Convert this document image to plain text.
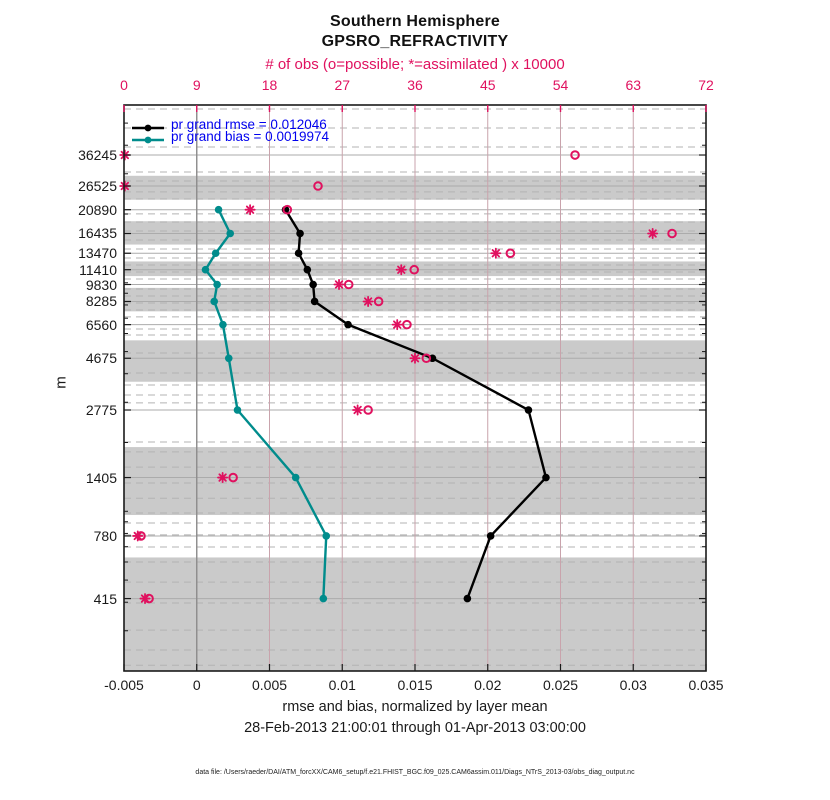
Southern Hemisphere
GPSRO_REFRACTIVITY
# of obs (o=possible; *=assimilated ) x 10000
0	9	18	27	36	45	54	63	72
-0.005	0	0.005	0.01	0.015	0.02	0.025	0.03	0.035
36245
26525
20890
16435
13470
11410
9830
8285
6560
4675
2775
1405
780
415
m
rmse and bias, normalized by layer mean
28-Feb-2013 21:00:01 through 01-Apr-2013 03:00:00
pr grand rmse = 0.012046
pr grand bias = 0.0019974
data file: /Users/raeder/DAI/ATM_forcXX/CAM6_setup/f.e21.FHIST_BGC.f09_025.CAM6assim.011/Diags_NTrS_2013-03/obs_diag_output.nc
